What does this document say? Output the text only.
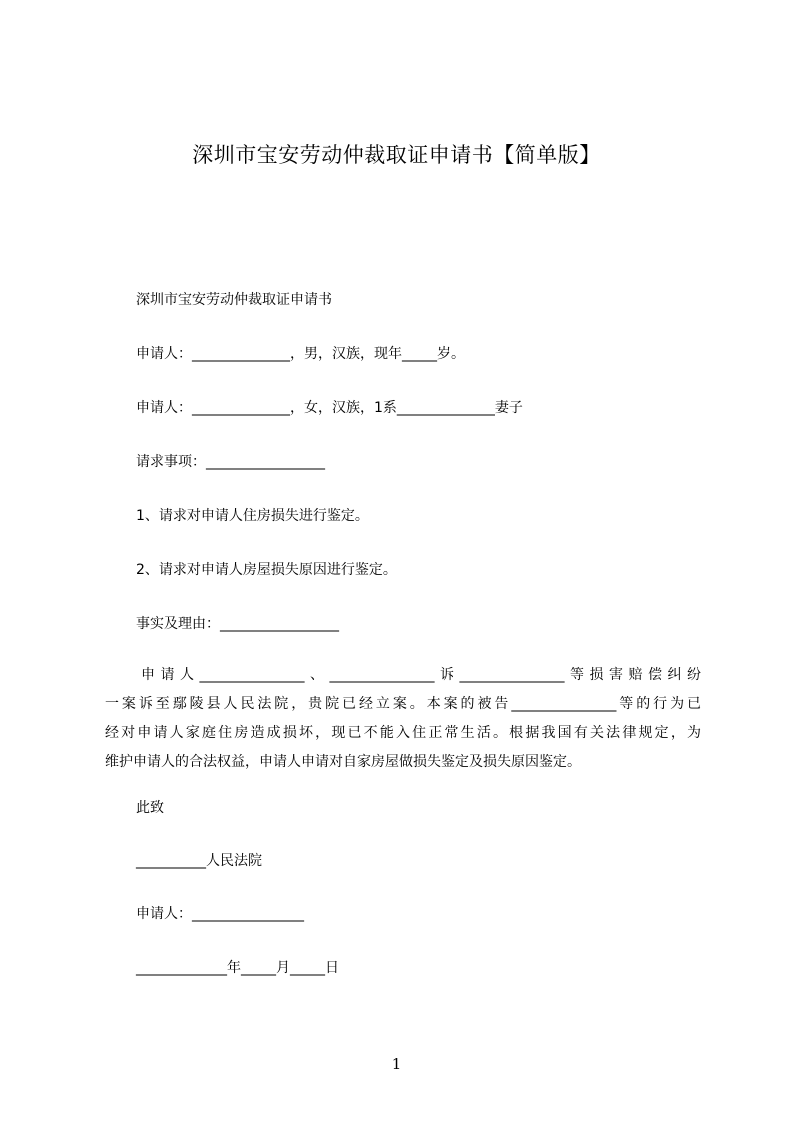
深圳市宝安劳动仲裁取证申请书【简单版】
深圳市宝安劳动仲裁取证申请书
申请人：______________，男，汉族，现年_____岁。
申请人：______________，女，汉族，1系______________妻子
请求事项：_________________
1、请求对申请人住房损失进行鉴定。
2、请求对申请人房屋损失原因进行鉴定。
事实及理由：_________________
申请人_______________、_______________诉_______________等损害赔偿纠纷
一案诉至鄢陵县人民法院，贵院已经立案。本案的被告_______________等的行为已
经对申请人家庭住房造成损坏，现已不能入住正常生活。根据我国有关法律规定，为
维护申请人的合法权益，申请人申请对自家房屋做损失鉴定及损失原因鉴定。
此致
__________人民法院
申请人：________________
_____________年_____月_____日
1
